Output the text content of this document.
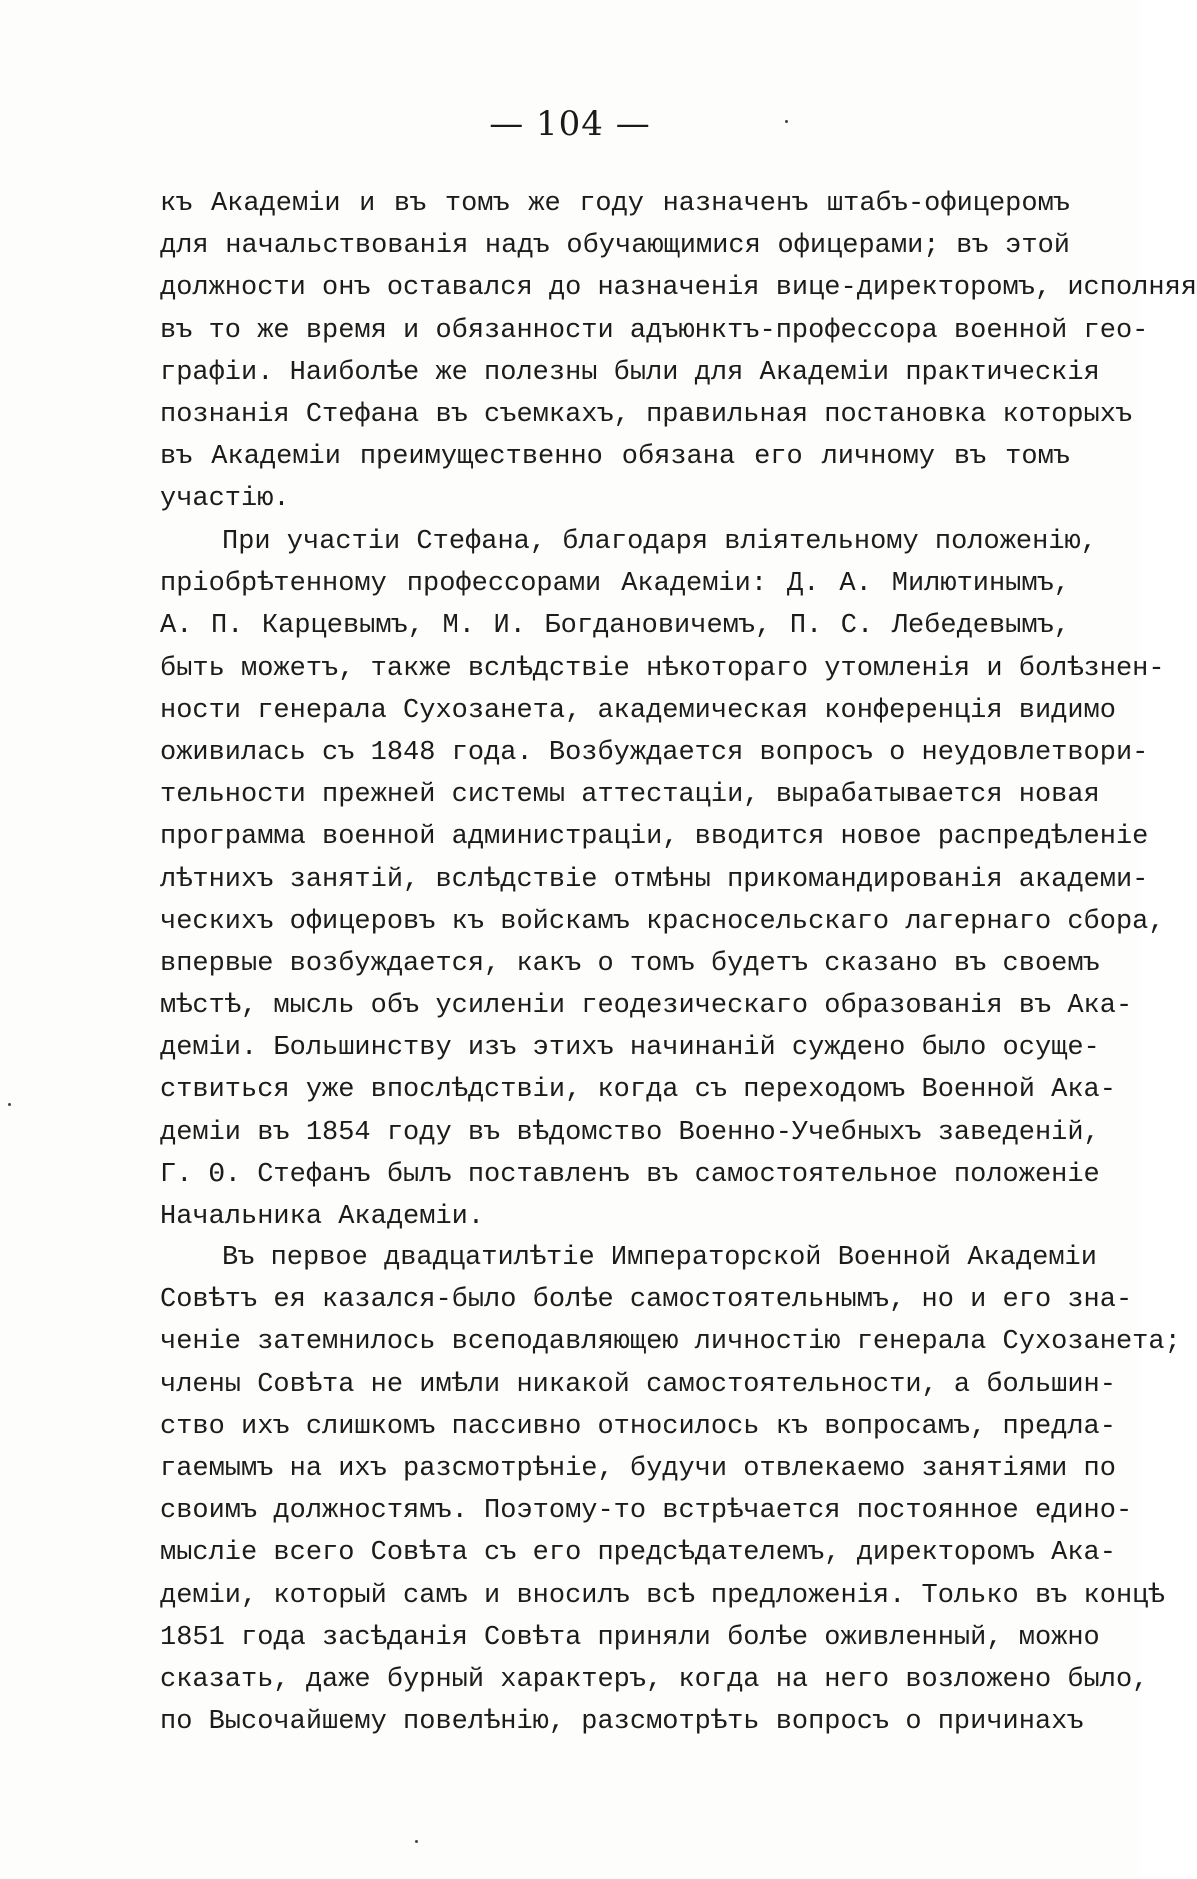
— 104 —
къ Академіи и въ томъ же году назначенъ штабъ-офицеромъ
для начальствованія надъ обучающимися офицерами; въ этой
должности онъ оставался до назначенія вице-директоромъ, исполняя
въ то же время и обязанности адъюнктъ-профессора военной гео-
графіи. Наиболѣе же полезны были для Академіи практическія
познанія Стефана въ съемкахъ, правильная постановка которыхъ
въ Академіи преимущественно обязана его личному въ томъ
участію.
При участіи Стефана, благодаря вліятельному положенію,
пріобрѣтенному профессорами Академіи: Д. А. Милютинымъ,
А. П. Карцевымъ, М. И. Богдановичемъ, П. С. Лебедевымъ,
быть можетъ, также вслѣдствіе нѣкотораго утомленія и болѣзнен-
ности генерала Сухозанета, академическая конференція видимо
оживилась съ 1848 года. Возбуждается вопросъ о неудовлетвори-
тельности прежней системы аттестаціи, вырабатывается новая
программа военной администраціи, вводится новое распредѣленіе
лѣтнихъ занятій, вслѣдствіе отмѣны прикомандированія академи-
ческихъ офицеровъ къ войскамъ красносельскаго лагернаго сбора,
впервые возбуждается, какъ о томъ будетъ сказано въ своемъ
мѣстѣ, мысль объ усиленіи геодезическаго образованія въ Ака-
деміи. Большинству изъ этихъ начинаній суждено было осуще-
ствиться уже впослѣдствіи, когда съ переходомъ Военной Ака-
деміи въ 1854 году въ вѣдомство Военно-Учебныхъ заведеній,
Г. Θ. Стефанъ былъ поставленъ въ самостоятельное положеніе
Начальника Академіи.
Въ первое двадцатилѣтіе Императорской Военной Академіи
Совѣтъ ея казался-было болѣе самостоятельнымъ, но и его зна-
ченіе затемнилось всеподавляющею личностію генерала Сухозанета;
члены Совѣта не имѣли никакой самостоятельности, а большин-
ство ихъ слишкомъ пассивно относилось къ вопросамъ, предла-
гаемымъ на ихъ разсмотрѣніе, будучи отвлекаемо занятіями по
своимъ должностямъ. Поэтому-то встрѣчается постоянное едино-
мысліе всего Совѣта съ его предсѣдателемъ, директоромъ Ака-
деміи, который самъ и вносилъ всѣ предложенія. Только въ концѣ
1851 года засѣданія Совѣта приняли болѣе оживленный, можно
сказать, даже бурный характеръ, когда на него возложено было,
по Высочайшему повелѣнію, разсмотрѣть вопросъ о причинахъ
